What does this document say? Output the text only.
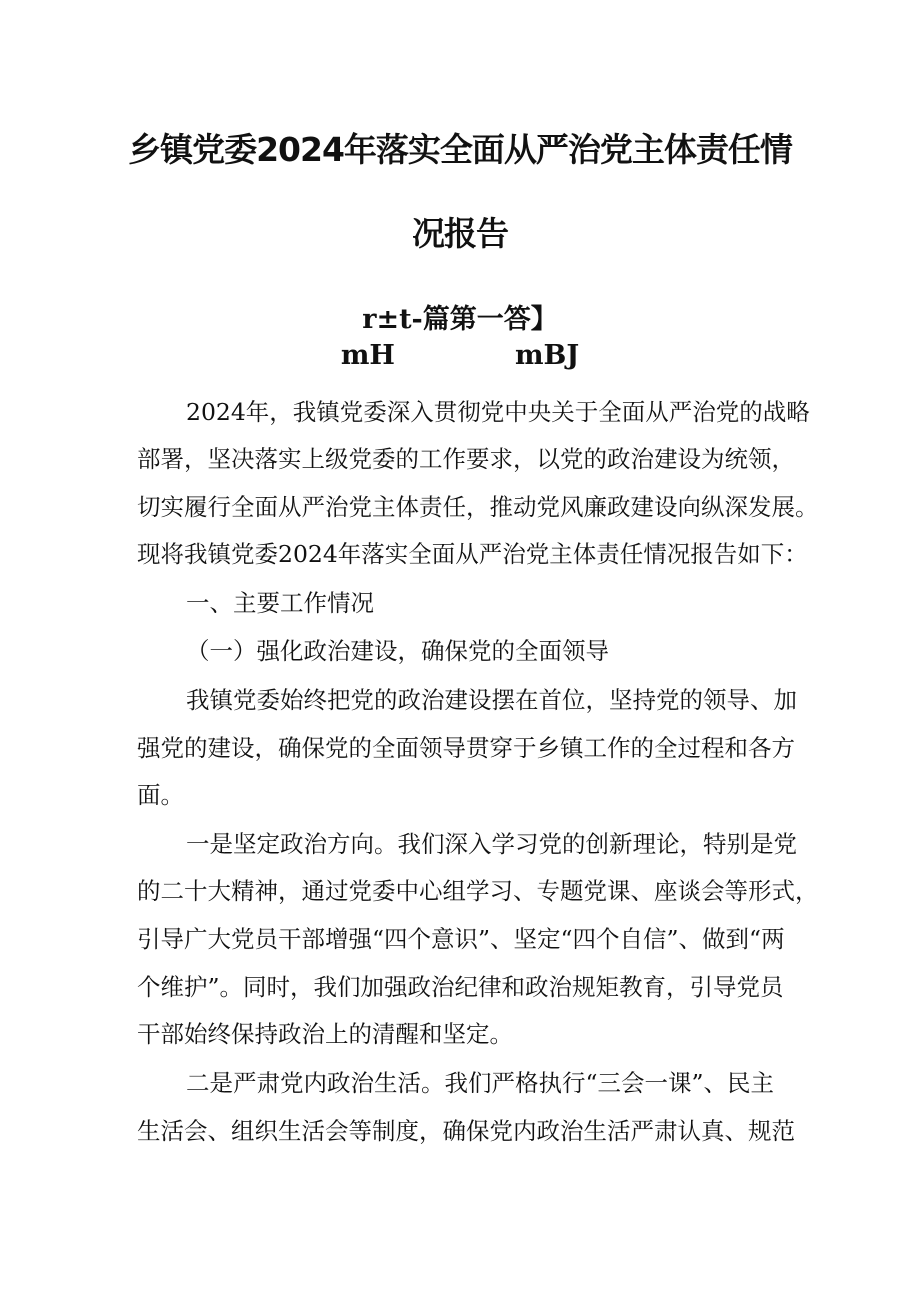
乡镇党委2024年落实全面从严治党主体责任情
况报告
r±t-篇第一答】
mH	mBJ
2024年，我镇党委深入贯彻党中央关于全面从严治党的战略
部署，坚决落实上级党委的工作要求，以党的政治建设为统领，
切实履行全面从严治党主体责任，推动党风廉政建设向纵深发展。
现将我镇党委2024年落实全面从严治党主体责任情况报告如下：
一、主要工作情况
（一）强化政治建设，确保党的全面领导
我镇党委始终把党的政治建设摆在首位，坚持党的领导、加
强党的建设，确保党的全面领导贯穿于乡镇工作的全过程和各方
面。
一是坚定政治方向。我们深入学习党的创新理论，特别是党
的二十大精神，通过党委中心组学习、专题党课、座谈会等形式，
引导广大党员干部增强“四个意识”、坚定“四个自信”、做到“两
个维护”。同时，我们加强政治纪律和政治规矩教育，引导党员
干部始终保持政治上的清醒和坚定。
二是严肃党内政治生活。我们严格执行“三会一课”、民主
生活会、组织生活会等制度，确保党内政治生活严肃认真、规范
